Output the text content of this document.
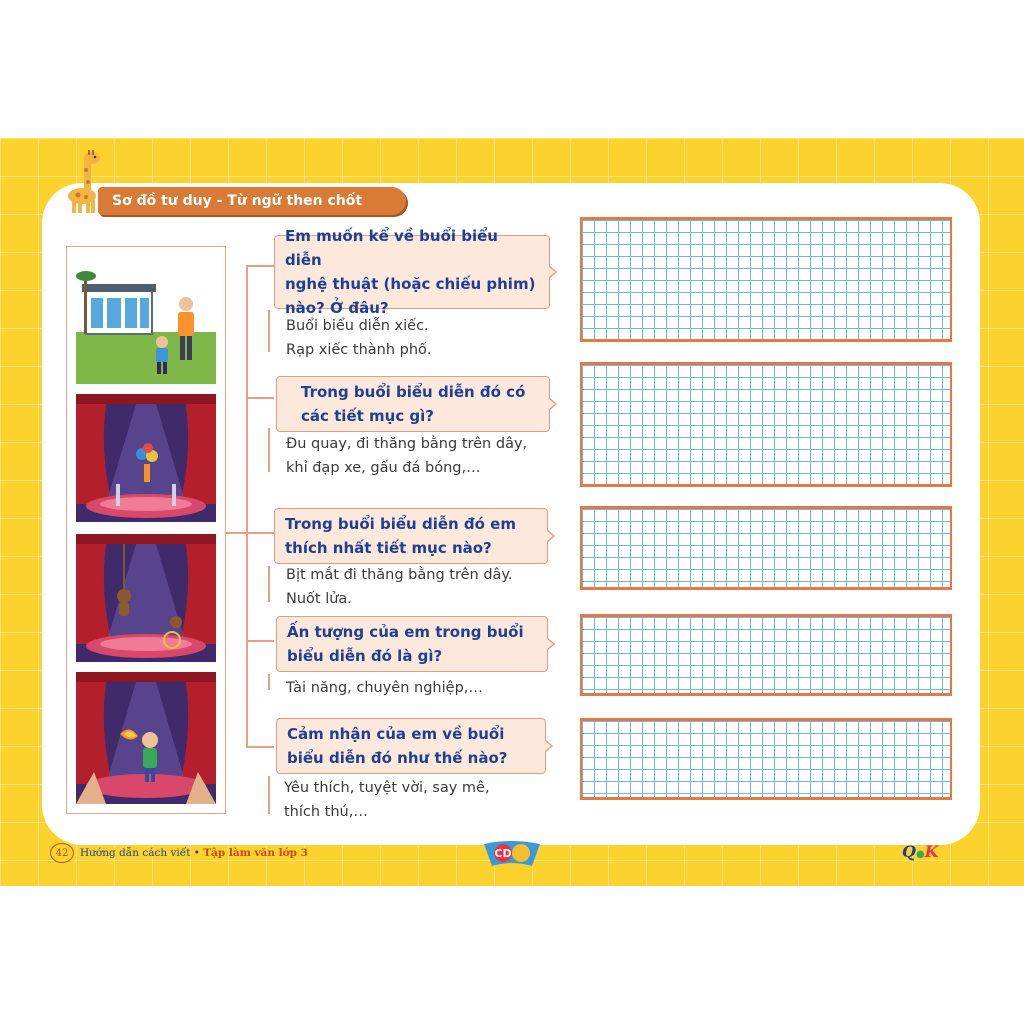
Sơ đồ tư duy - Từ ngữ then chốt
Em muốn kể về buổi biểu diễn
nghệ thuật (hoặc chiếu phim)
nào? Ở đâu?
Buổi biểu diễn xiếc.
Rạp xiếc thành phố.
Trong buổi biểu diễn đó có
các tiết mục gì?
Đu quay, đi thăng bằng trên dây,
khỉ đạp xe, gấu đá bóng,…
Trong buổi biểu diễn đó em
thích nhất tiết mục nào?
Bịt mắt đi thăng bằng trên dây.
Nuốt lửa.
Ấn tượng của em trong buổi
biểu diễn đó là gì?
Tài năng, chuyên nghiệp,…
Cảm nhận của em về buổi
biểu diễn đó như thế nào?
Yêu thích, tuyệt vời, say mê,
thích thú,…
42	Hướng dẫn cách viết • Tập làm văn lớp 3	CD	Q●K
